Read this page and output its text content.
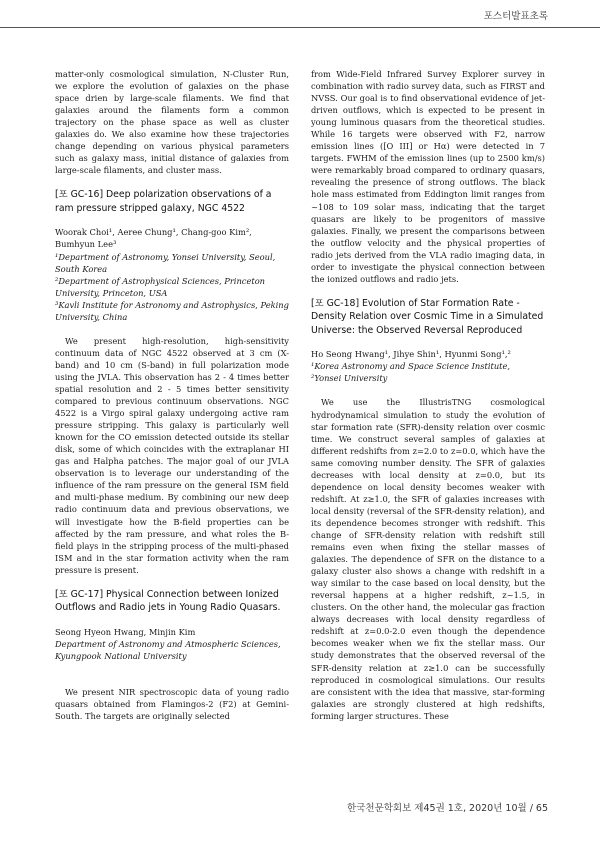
포스터발표초록

matter-only cosmological simulation, N-Cluster Run, we explore the evolution of galaxies on the phase space drien by large-scale filaments. We find that galaxies around the filaments form a common trajectory on the phase space as well as cluster galaxies do. We also examine how these trajectories change depending on various physical parameters such as galaxy mass, initial distance of galaxies from large-scale filaments, and cluster mass.

[포 GC-16] Deep polarization observations of a ram pressure stripped galaxy, NGC 4522

Woorak Choi¹, Aeree Chung¹, Chang-goo Kim², Bumhyun Lee³

¹Department of Astronomy, Yonsei University, Seoul, South Korea

²Department of Astrophysical Sciences, Princeton University, Princeton, USA

³Kavli Institute for Astronomy and Astrophysics, Peking University, China

We present high-resolution, high-sensitivity continuum data of NGC 4522 observed at 3 cm (X-band) and 10 cm (S-band) in full polarization mode using the JVLA. This observation has 2 - 4 times better spatial resolution and 2 - 5 times better sensitivity compared to previous continuum observations. NGC 4522 is a Virgo spiral galaxy undergoing active ram pressure stripping. This galaxy is particularly well known for the CO emission detected outside its stellar disk, some of which coincides with the extraplanar HI gas and Halpha patches. The major goal of our JVLA observation is to leverage our understanding of the influence of the ram pressure on the general ISM field and multi-phase medium. By combining our new deep radio continuum data and previous observations, we will investigate how the B-field properties can be affected by the ram pressure, and what roles the B-field plays in the stripping process of the multi-phased ISM and in the star formation activity when the ram pressure is present.

[포 GC-17] Physical Connection between Ionized Outflows and Radio jets in Young Radio Quasars.

Seong Hyeon Hwang, Minjin Kim

Department of Astronomy and Atmospheric Sciences, Kyungpook National University

We present NIR spectroscopic data of young radio quasars obtained from Flamingos-2 (F2) at Gemini-South. The targets are originally selected

from Wide-Field Infrared Survey Explorer survey in combination with radio survey data, such as FIRST and NVSS. Our goal is to find observational evidence of jet-driven outflows, which is expected to be present in young luminous quasars from the theoretical studies. While 16 targets were observed with F2, narrow emission lines ([O III] or Hα) were detected in 7 targets. FWHM of the emission lines (up to 2500 km/s) were remarkably broad compared to ordinary quasars, revealing the presence of strong outflows. The black hole mass estimated from Eddington limit ranges from ~108 to 109 solar mass, indicating that the target quasars are likely to be progenitors of massive galaxies. Finally, we present the comparisons between the outflow velocity and the physical properties of radio jets derived from the VLA radio imaging data, in order to investigate the physical connection between the ionized outflows and radio jets.

[포 GC-18] Evolution of Star Formation Rate - Density Relation over Cosmic Time in a Simulated Universe: the Observed Reversal Reproduced

Ho Seong Hwang¹, Jihye Shin¹, Hyunmi Song¹,²

¹Korea Astronomy and Space Science Institute,

²Yonsei University

We use the IllustrisTNG cosmological hydrodynamical simulation to study the evolution of star formation rate (SFR)-density relation over cosmic time. We construct several samples of galaxies at different redshifts from z=2.0 to z=0.0, which have the same comoving number density. The SFR of galaxies decreases with local density at z=0.0, but its dependence on local density becomes weaker with redshift. At z≥1.0, the SFR of galaxies increases with local density (reversal of the SFR-density relation), and its dependence becomes stronger with redshift. This change of SFR-density relation with redshift still remains even when fixing the stellar masses of galaxies. The dependence of SFR on the distance to a galaxy cluster also shows a change with redshift in a way similar to the case based on local density, but the reversal happens at a higher redshift, z~1.5, in clusters. On the other hand, the molecular gas fraction always decreases with local density regardless of redshift at z=0.0-2.0 even though the dependence becomes weaker when we fix the stellar mass. Our study demonstrates that the observed reversal of the SFR-density relation at z≥1.0 can be successfully reproduced in cosmological simulations. Our results are consistent with the idea that massive, star-forming galaxies are strongly clustered at high redshifts, forming larger structures. These

한국천문학회보 제45권 1호, 2020년 10월 / 65
